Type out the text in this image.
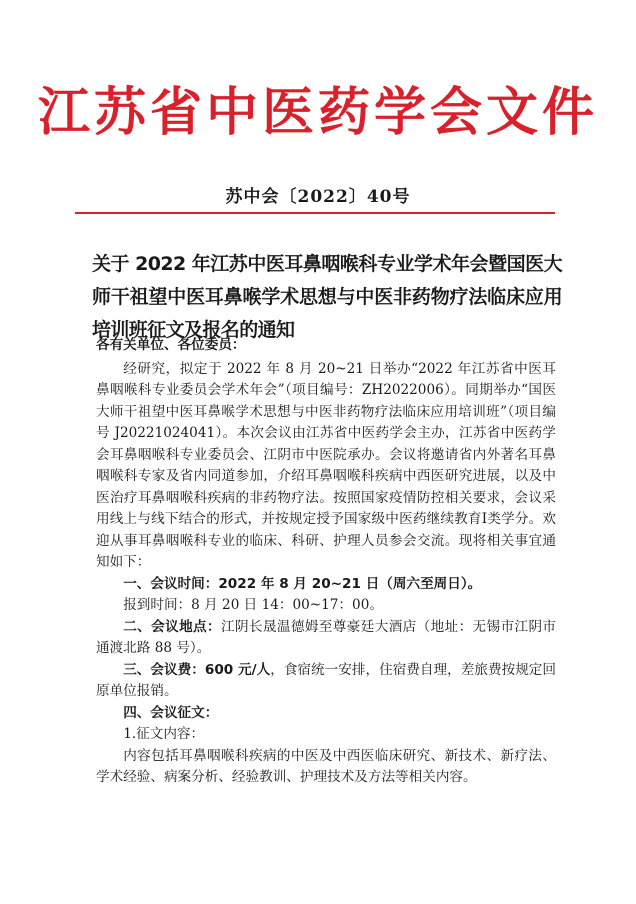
江苏省中医药学会文件
苏中会〔2022〕40号
关于 2022 年江苏中医耳鼻咽喉科专业学术年会暨国医大师干祖望中医耳鼻喉学术思想与中医非药物疗法临床应用培训班征文及报名的通知

各有关单位、各位委员：

经研究，拟定于 2022 年 8 月 20~21 日举办“2022 年江苏省中医耳鼻咽喉科专业委员会学术年会”（项目编号：ZH2022006）。同期举办“国医大师干祖望中医耳鼻喉学术思想与中医非药物疗法临床应用培训班”（项目编号 J20221024041）。本次会议由江苏省中医药学会主办，江苏省中医药学会耳鼻咽喉科专业委员会、江阴市中医院承办。会议将邀请省内外著名耳鼻咽喉科专家及省内同道参加，介绍耳鼻咽喉科疾病中西医研究进展，以及中医治疗耳鼻咽喉科疾病的非药物疗法。按照国家疫情防控相关要求，会议采用线上与线下结合的形式，并按规定授予国家级中医药继续教育Ⅰ类学分。欢迎从事耳鼻咽喉科专业的临床、科研、护理人员参会交流。现将相关事宜通知如下：

一、会议时间：2022 年 8 月 20~21 日（周六至周日）。

报到时间：8 月 20 日 14：00~17：00。

二、会议地点：江阴长晟温德姆至尊豪廷大酒店（地址：无锡市江阴市通渡北路 88 号）。

三、会议费：600 元/人，食宿统一安排，住宿费自理，差旅费按规定回原单位报销。

四、会议征文：

1.征文内容：

内容包括耳鼻咽喉科疾病的中医及中西医临床研究、新技术、新疗法、学术经验、病案分析、经验教训、护理技术及方法等相关内容。
